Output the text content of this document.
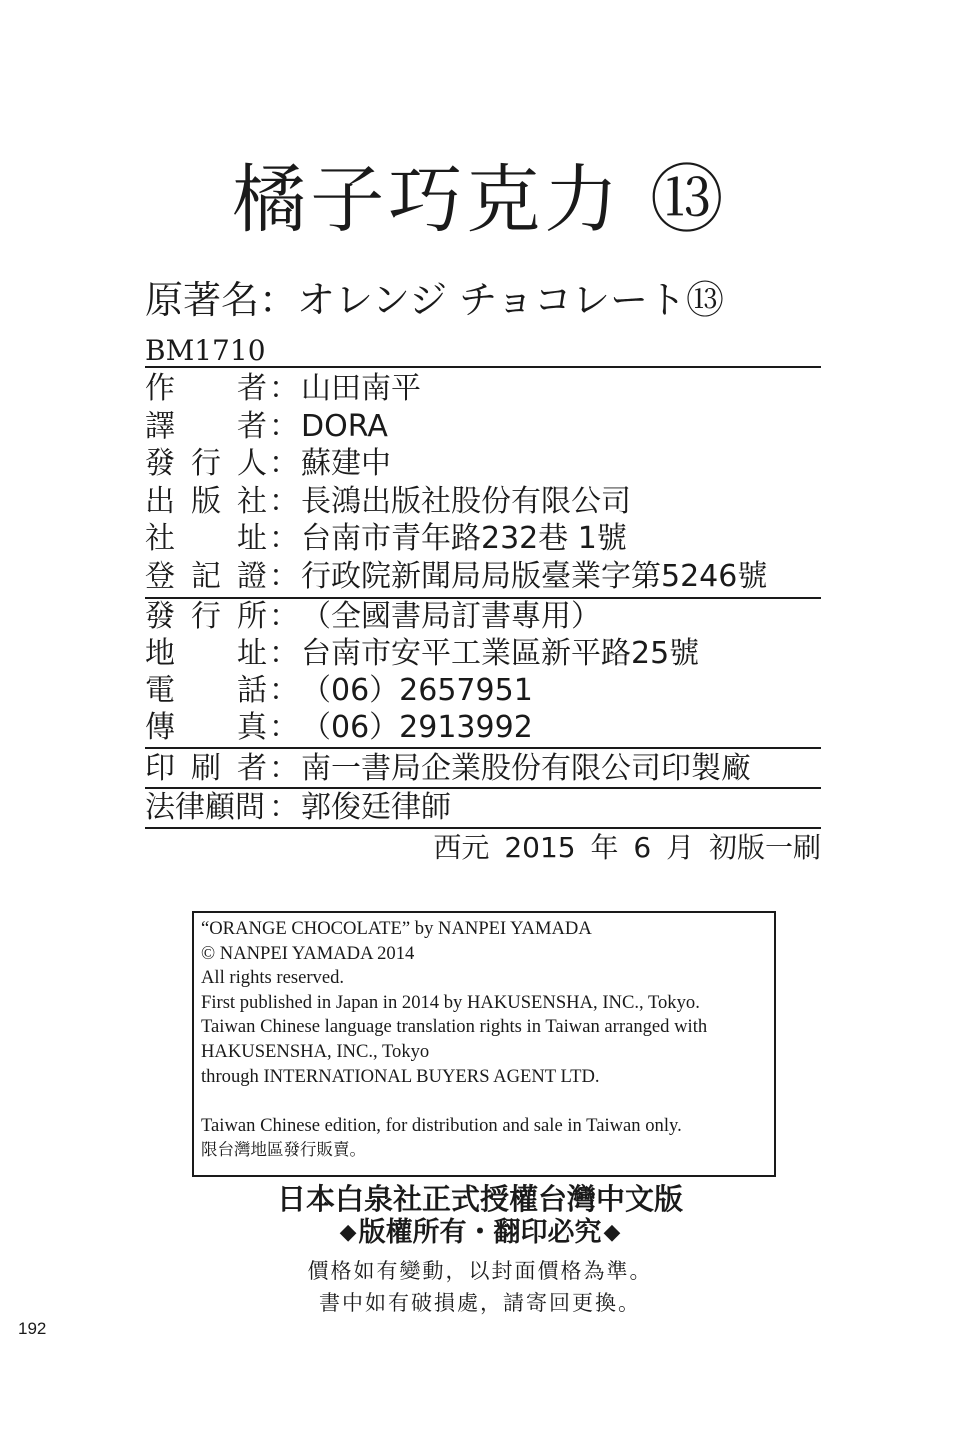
橘子巧克力 ⑬
原著名：オレンジ チョコレート⑬
BM1710
作 者 ： 山田南平
譯 者 ： DORA
發 行 人 ： 蘇建中
出 版 社 ： 長鴻出版社股份有限公司
社 址 ： 台南市青年路232巷 1號
登 記 證 ： 行政院新聞局局版臺業字第5246號
發 行 所 ： （全國書局訂書專用）
地 址 ： 台南市安平工業區新平路25號
電 話 ： （06）2657951
傳 真 ： （06）2913992
印 刷 者 ： 南一書局企業股份有限公司印製廠
法律顧問 ： 郭俊廷律師
西元 2015 年 6 月 初版一刷
“ORANGE CHOCOLATE” by NANPEI YAMADA
© NANPEI YAMADA 2014
All rights reserved.
First published in Japan in 2014 by HAKUSENSHA, INC., Tokyo.
Taiwan Chinese language translation rights in Taiwan arranged with
HAKUSENSHA, INC., Tokyo
through INTERNATIONAL BUYERS AGENT LTD.
Taiwan Chinese edition, for distribution and sale in Taiwan only.
限台灣地區發行販賣。
日本白泉社正式授權台灣中文版
◆版權所有・翻印必究◆
價格如有變動，以封面價格為準。
書中如有破損處，請寄回更換。
192
